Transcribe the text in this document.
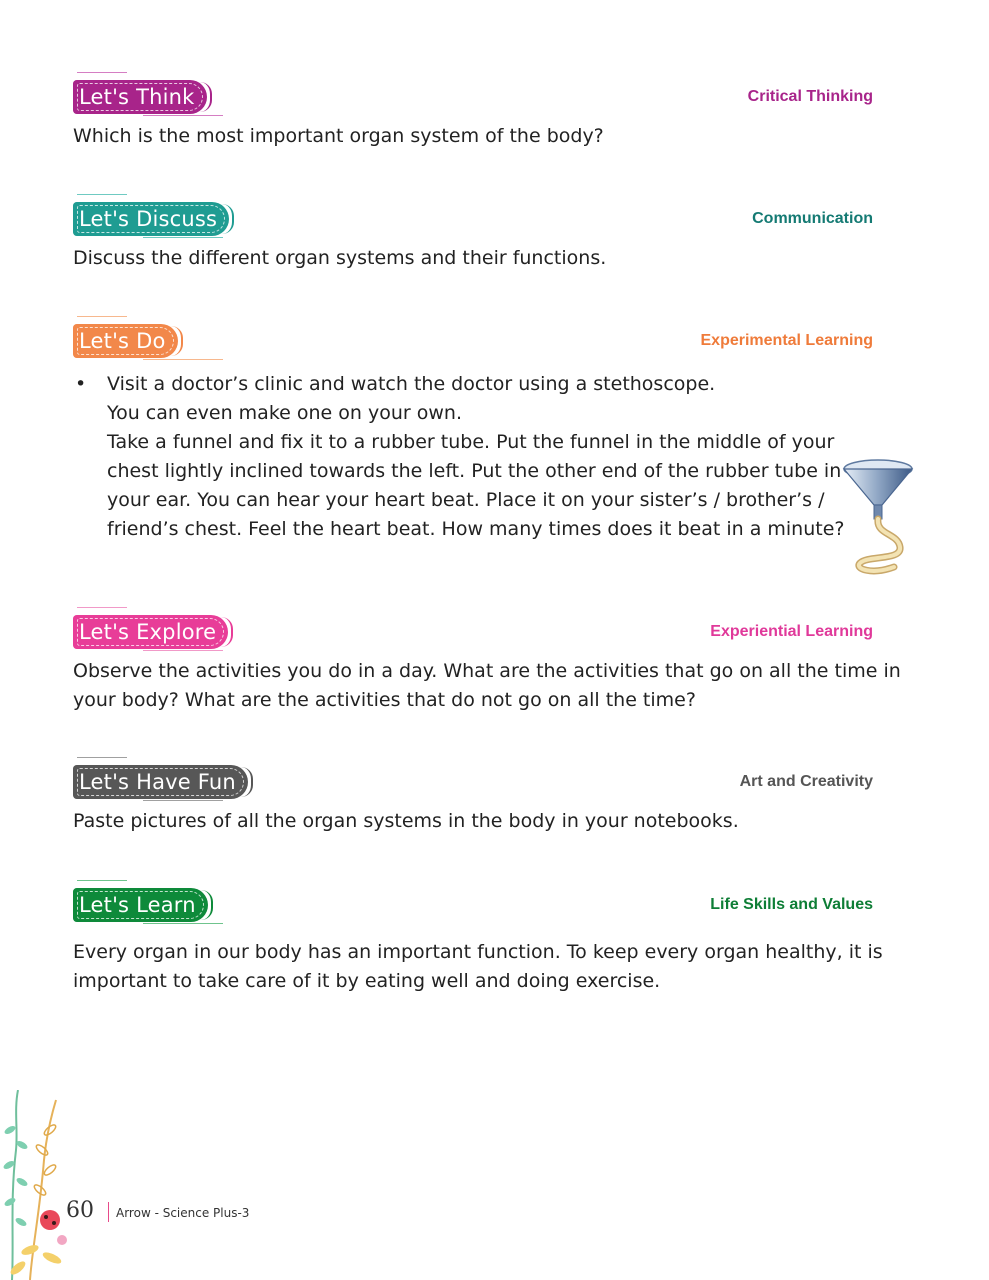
Let's Think	Critical Thinking

Which is the most important organ system of the body?

Let's Discuss	Communication

Discuss the different organ systems and their functions.

Let's Do	Experimental Learning
• Visit a doctor’s clinic and watch the doctor using a stethoscope.
You can even make one on your own.
Take a funnel and fix it to a rubber tube. Put the funnel in the middle of your chest lightly inclined towards the left. Put the other end of the rubber tube in your ear. You can hear your heart beat. Place it on your sister’s / brother’s / friend’s chest. Feel the heart beat. How many times does it beat in a minute?
Let's Explore	Experiential Learning

Observe the activities you do in a day. What are the activities that go on all the time in your body? What are the activities that do not go on all the time?

Let's Have Fun	Art and Creativity

Paste pictures of all the organ systems in the body in your notebooks.

Let's Learn	Life Skills and Values

Every organ in our body has an important function. To keep every organ healthy, it is important to take care of it by eating well and doing exercise.

60 Arrow - Science Plus-3
